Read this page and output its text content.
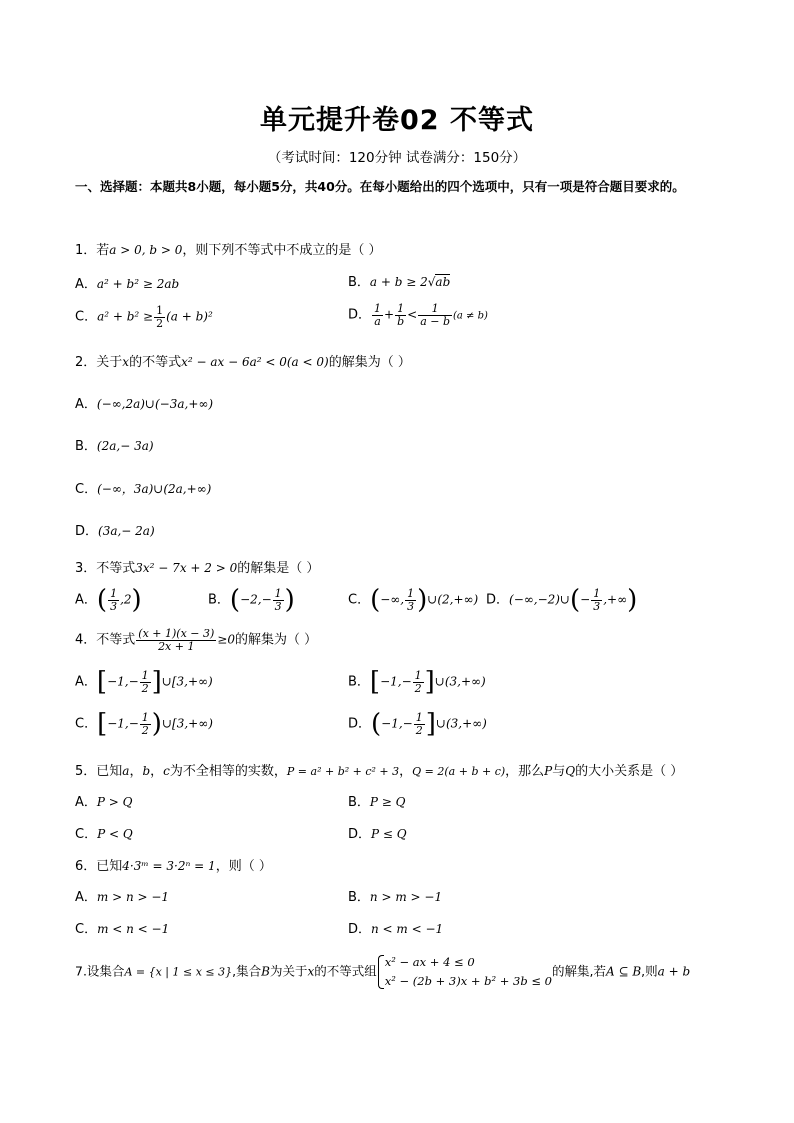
单元提升卷02 不等式
（考试时间：120分钟 试卷满分：150分）
一、选择题：本题共8小题，每小题5分，共40分。在每小题给出的四个选项中，只有一项是符合题目要求的。
1．若a > 0, b > 0，则下列不等式中不成立的是（ ）
A．a² + b² ≥ 2ab	B．a + b ≥ 2√ab
C．$a^2 + b^2 \ge \frac{1}{2} (a + b)^2$	D． $\frac{1}{a} + \frac{1}{b} < \frac{1}{a - b} (a \ne b)$
2．关于x的不等式x² − ax − 6a² < 0(a < 0)的解集为（ ）
A．(−∞,2a)∪(−3a,+∞)
B．(2a,− 3a)
C．(−∞，3a)∪(2a,+∞)
D．(3a,− 2a)
3．不等式3x² − 7x + 2 > 0的解集是（ ）
A．( $\frac{1}{3} ,2$)	B．($-2,- \frac{1}{3}$ )	C．(−∞, $\frac{1}{3}$ )∪(2,+∞) D．(−∞,−2)∪(− $\frac{1}{3}$ ,+∞)
4．不等式 $\frac{(x + 1)(x - 3)}{2x + 1} \ge 0$的解集为（ ）
A．[$-1,- \frac{1}{2}$ ]∪[3,+∞)	B．[$-1,- \frac{1}{2}$ ]∪(3,+∞)
C．[$-1,- \frac{1}{2}$ )∪[3,+∞)	D．($-1,- \frac{1}{2}$ ]∪(3,+∞)
5．已知a，b，c为不全相等的实数，P = a² + b² + c² + 3，Q = 2(a + b + c)，那么P与Q的大小关系是（ ）
A．P > Q	B．P ≥ Q
C．P < Q	D．P ≤ Q
6．已知4·3ᵐ = 3·2ⁿ = 1，则（ ）
A．m > n > −1	B．n > m > −1
C．m < n < −1	D．n < m < −1
7.设集合A = {x | 1 ≤ x ≤ 3},集合B为关于x的不等式组
x² − ax + 4 ≤ 0
x² − (2b + 3)x + b² + 3b ≤ 0
的解集,若A ⊆ B,则a + b
